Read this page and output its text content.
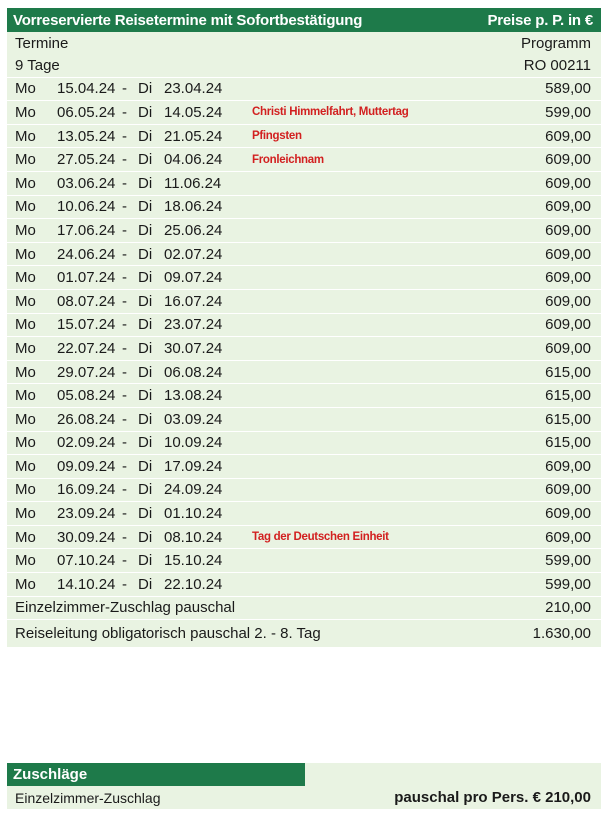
Vorreservierte Reisetermine mit Sofortbestätigung	Preise p. P. in €
Termine	Programm
9 Tage	RO 00211
Mo	15.04.24 - Di 23.04.24	589,00
Mo	06.05.24 - Di 14.05.24	Christi Himmelfahrt, Muttertag	599,00
Mo	13.05.24 - Di 21.05.24	Pfingsten	609,00
Mo	27.05.24 - Di 04.06.24	Fronleichnam	609,00
Mo	03.06.24 - Di 11.06.24	609,00
Mo	10.06.24 - Di 18.06.24	609,00
Mo	17.06.24 - Di 25.06.24	609,00
Mo	24.06.24 - Di 02.07.24	609,00
Mo	01.07.24 - Di 09.07.24	609,00
Mo	08.07.24 - Di 16.07.24	609,00
Mo	15.07.24 - Di 23.07.24	609,00
Mo	22.07.24 - Di 30.07.24	609,00
Mo	29.07.24 - Di 06.08.24	615,00
Mo	05.08.24 - Di 13.08.24	615,00
Mo	26.08.24 - Di 03.09.24	615,00
Mo	02.09.24 - Di 10.09.24	615,00
Mo	09.09.24 - Di 17.09.24	609,00
Mo	16.09.24 - Di 24.09.24	609,00
Mo	23.09.24 - Di 01.10.24	609,00
Mo	30.09.24 - Di 08.10.24	Tag der Deutschen Einheit	609,00
Mo	07.10.24 - Di 15.10.24	599,00
Mo	14.10.24 - Di 22.10.24	599,00
Einzelzimmer-Zuschlag pauschal	210,00
Reiseleitung obligatorisch pauschal 2. - 8. Tag	1.630,00
Zuschläge
Einzelzimmer-Zuschlag	pauschal pro Pers. € 210,00
